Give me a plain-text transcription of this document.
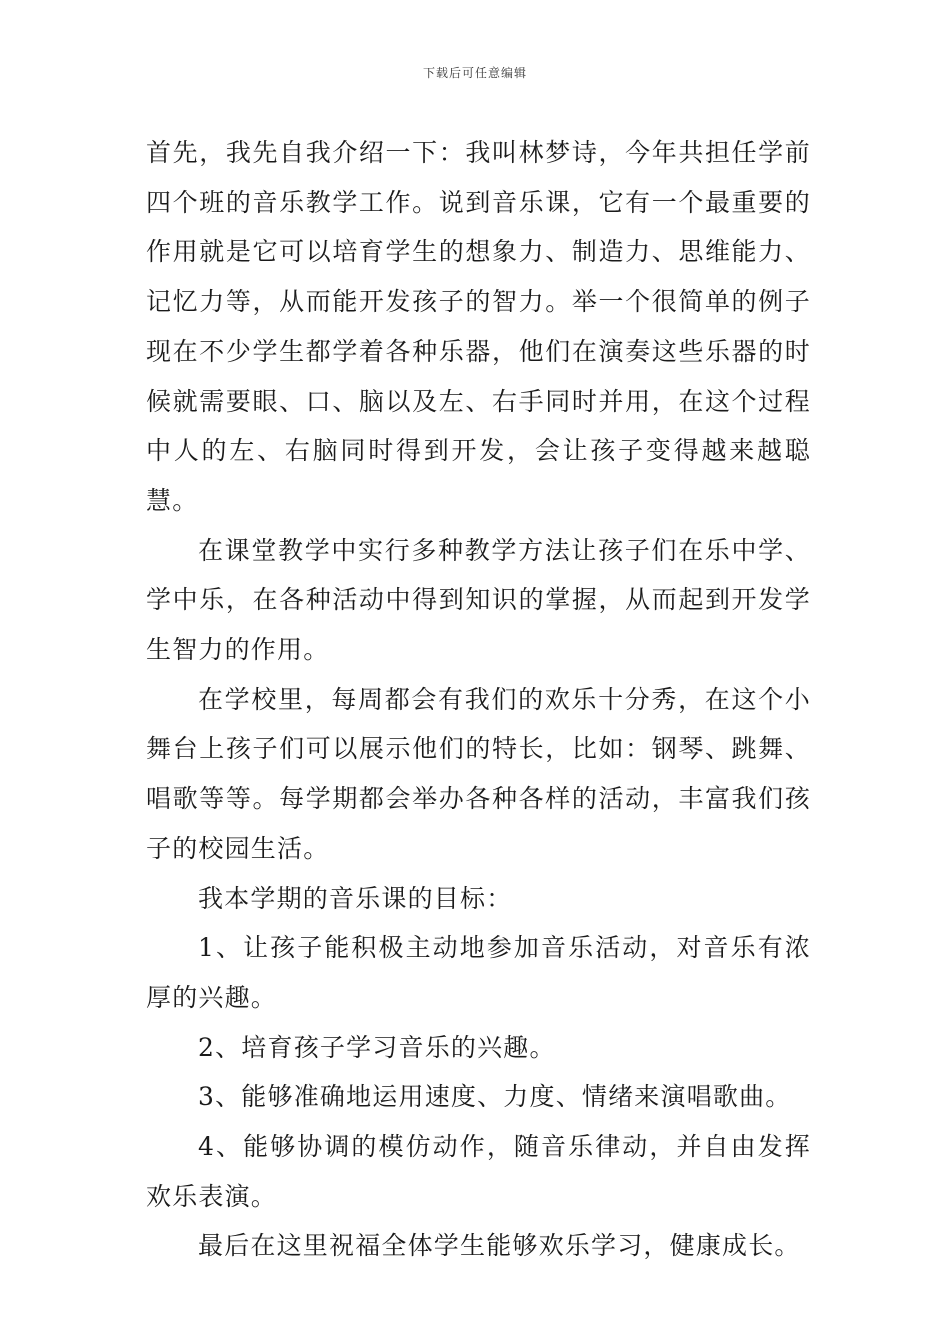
下载后可任意编辑

首先，我先自我介绍一下：我叫林梦诗，今年共担任学前四个班的音乐教学工作。说到音乐课，它有一个最重要的作用就是它可以培育学生的想象力、制造力、思维能力、记忆力等，从而能开发孩子的智力。举一个很简单的例子现在不少学生都学着各种乐器，他们在演奏这些乐器的时候就需要眼、口、脑以及左、右手同时并用，在这个过程中人的左、右脑同时得到开发，会让孩子变得越来越聪慧。

在课堂教学中实行多种教学方法让孩子们在乐中学、学中乐，在各种活动中得到知识的掌握，从而起到开发学生智力的作用。

在学校里，每周都会有我们的欢乐十分秀，在这个小舞台上孩子们可以展示他们的特长，比如：钢琴、跳舞、唱歌等等。每学期都会举办各种各样的活动，丰富我们孩子的校园生活。

我本学期的音乐课的目标：

1、让孩子能积极主动地参加音乐活动，对音乐有浓厚的兴趣。

2、培育孩子学习音乐的兴趣。

3、能够准确地运用速度、力度、情绪来演唱歌曲。

4、能够协调的模仿动作，随音乐律动，并自由发挥欢乐表演。

最后在这里祝福全体学生能够欢乐学习，健康成长。
